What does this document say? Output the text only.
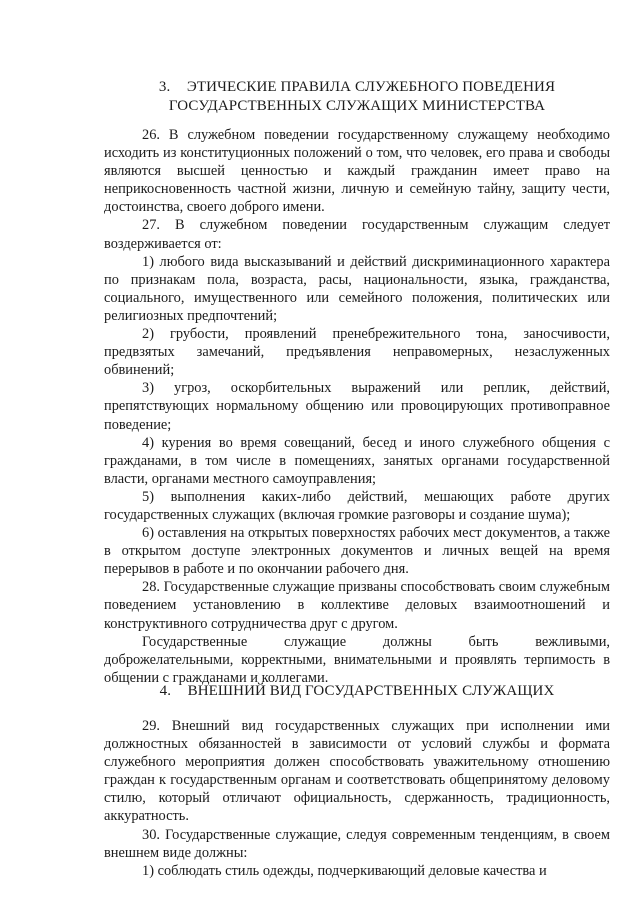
3. ЭТИЧЕСКИЕ ПРАВИЛА СЛУЖЕБНОГО ПОВЕДЕНИЯ
ГОСУДАРСТВЕННЫХ СЛУЖАЩИХ МИНИСТЕРСТВА

26. В служебном поведении государственному служащему необходимо исходить из конституционных положений о том, что человек, его права и свободы являются высшей ценностью и каждый гражданин имеет право на неприкосновенность частной жизни, личную и семейную тайну, защиту чести, достоинства, своего доброго имени.

27. В служебном поведении государственным служащим следует воздерживается от:

1) любого вида высказываний и действий дискриминационного характера по признакам пола, возраста, расы, национальности, языка, гражданства, социального, имущественного или семейного положения, политических или религиозных предпочтений;

2) грубости, проявлений пренебрежительного тона, заносчивости, предвзятых замечаний, предъявления неправомерных, незаслуженных обвинений;

3) угроз, оскорбительных выражений или реплик, действий, препятствующих нормальному общению или провоцирующих противоправное поведение;

4) курения во время совещаний, бесед и иного служебного общения с гражданами, в том числе в помещениях, занятых органами государственной власти, органами местного самоуправления;

5) выполнения каких-либо действий, мешающих работе других государственных служащих (включая громкие разговоры и создание шума);

6) оставления на открытых поверхностях рабочих мест документов, а также в открытом доступе электронных документов и личных вещей на время перерывов в работе и по окончании рабочего дня.

28. Государственные служащие призваны способствовать своим служебным поведением установлению в коллективе деловых взаимоотношений и конструктивного сотрудничества друг с другом.

Государственные служащие должны быть вежливыми, доброжелательными, корректными, внимательными и проявлять терпимость в общении с гражданами и коллегами.

4. ВНЕШНИЙ ВИД ГОСУДАРСТВЕННЫХ СЛУЖАЩИХ

29. Внешний вид государственных служащих при исполнении ими должностных обязанностей в зависимости от условий службы и формата служебного мероприятия должен способствовать уважительному отношению граждан к государственным органам и соответствовать общепринятому деловому стилю, который отличают официальность, сдержанность, традиционность, аккуратность.

30. Государственные служащие, следуя современным тенденциям, в своем внешнем виде должны:

1) соблюдать стиль одежды, подчеркивающий деловые качества и
